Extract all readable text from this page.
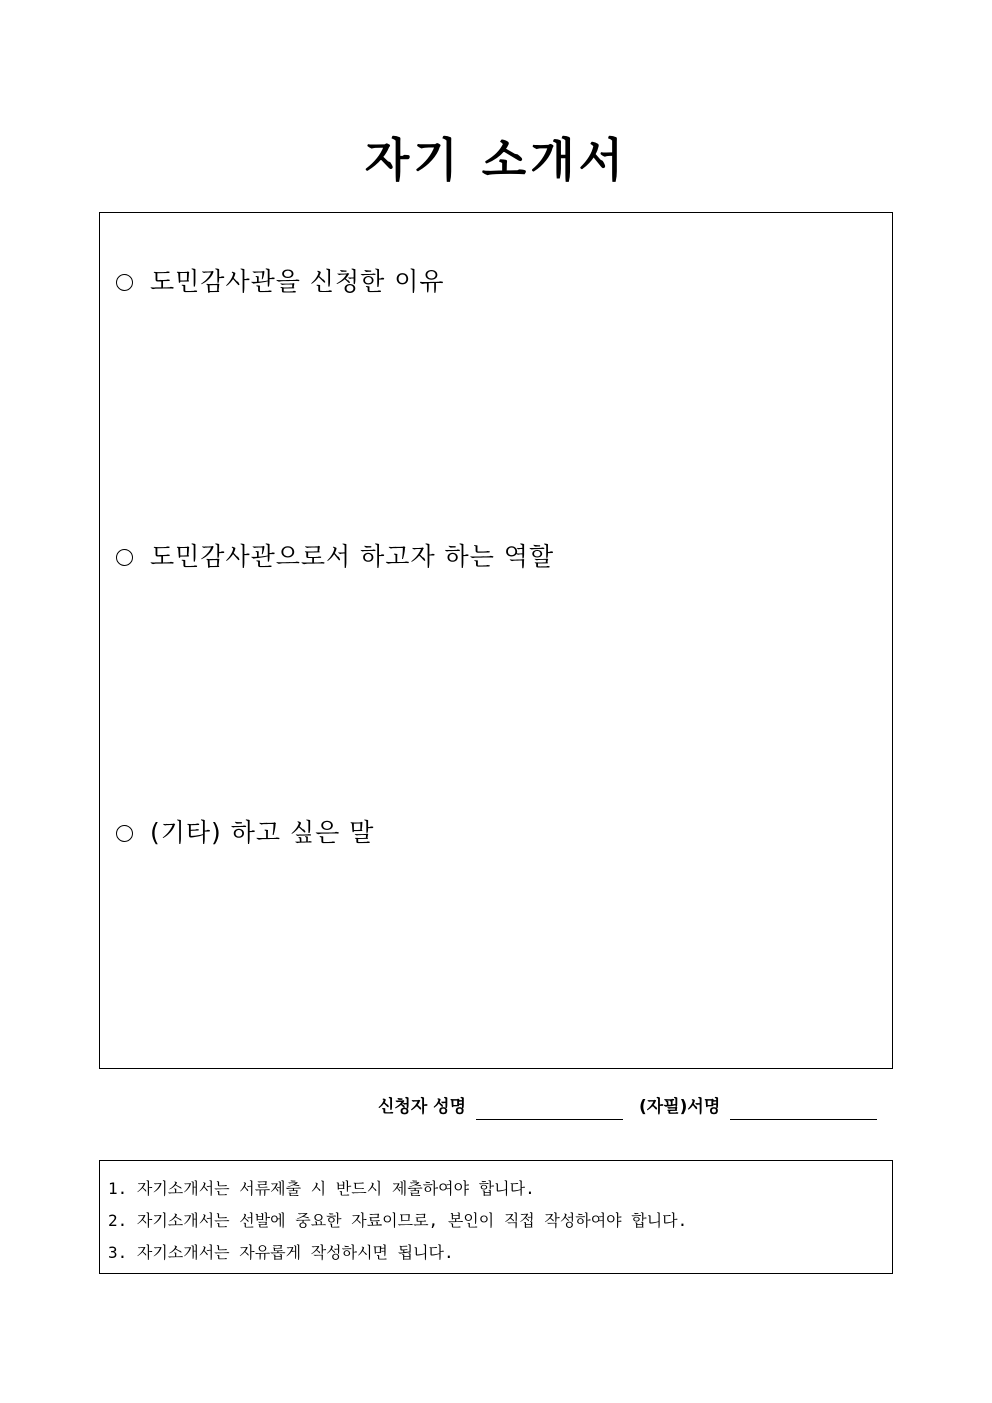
자기 소개서
도민감사관을 신청한 이유
도민감사관으로서 하고자 하는 역할
(기타) 하고 싶은 말
신청자 성명	(자필)서명
1. 자기소개서는 서류제출 시 반드시 제출하여야 합니다.
2. 자기소개서는 선발에 중요한 자료이므로, 본인이 직접 작성하여야 합니다.
3. 자기소개서는 자유롭게 작성하시면 됩니다.
